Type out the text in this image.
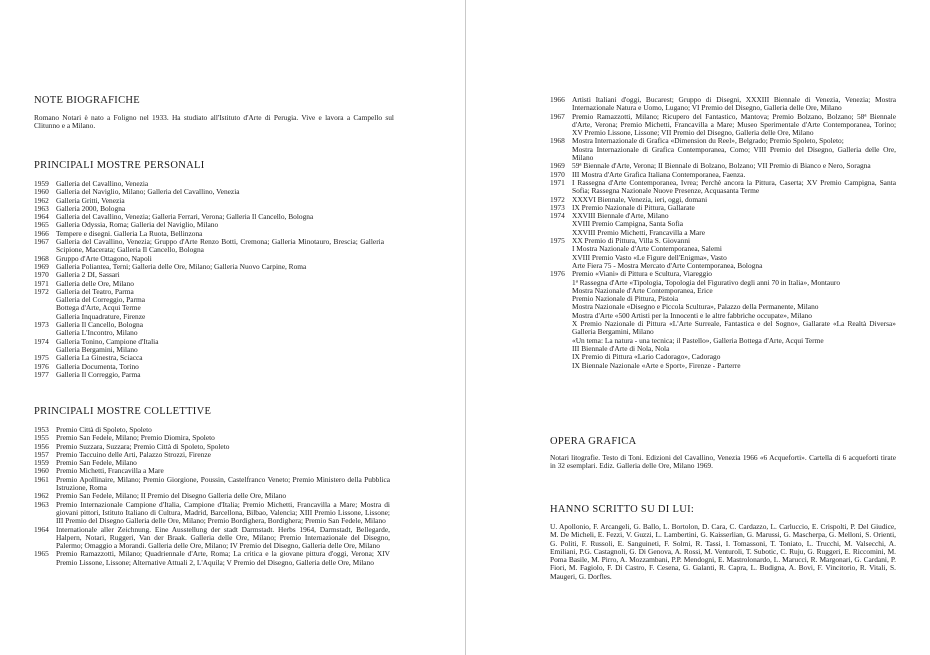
NOTE BIOGRAFICHE
Romano Notari è nato a Foligno nel 1933. Ha studiato all'Istituto d'Arte di Perugia. Vive e lavora a Campello sul Clitunno e a Milano.
PRINCIPALI MOSTRE PERSONALI
1959 Galleria del Cavallino, Venezia
1960 Galleria del Naviglio, Milano; Galleria del Cavallino, Venezia
1962 Galleria Gritti, Venezia
1963 Galleria 2000, Bologna
1964 Galleria del Cavallino, Venezia; Galleria Ferrari, Verona; Galleria Il Cancello, Bologna
1965 Galleria Odyssia, Roma; Galleria del Naviglio, Milano
1966 Tempere e disegni. Galleria La Ruota, Bellinzona
1967 Galleria del Cavallino, Venezia; Gruppo d'Arte Renzo Botti, Cremona; Galleria Minotauro, Brescia; Galleria Scipione, Macerata; Galleria Il Cancello, Bologna
1968 Gruppo d'Arte Ottagono, Napoli
1969 Galleria Poliantea, Terni; Galleria delle Ore, Milano; Galleria Nuovo Carpine, Roma
1970 Galleria 2 DI, Sassari
1971 Galleria delle Ore, Milano
1972 Galleria del Teatro, Parma
Galleria del Correggio, Parma
Bottega d'Arte, Acqui Terme
Galleria Inquadrature, Firenze
1973 Galleria Il Cancello, Bologna
Galleria L'Incontro, Milano
1974 Galleria Tonino, Campione d'Italia
Galleria Bergamini, Milano
1975 Galleria La Ginestra, Sciacca
1976 Galleria Documenta, Torino
1977 Galleria Il Correggio, Parma
PRINCIPALI MOSTRE COLLETTIVE
1953 Premio Città di Spoleto, Spoleto
1955 Premio San Fedele, Milano; Premio Diomira, Spoleto
1956 Premio Suzzara, Suzzara; Premio Città di Spoleto, Spoleto
1957 Premio Taccuino delle Arti, Palazzo Strozzi, Firenze
1959 Premio San Fedele, Milano
1960 Premio Michetti, Francavilla a Mare
1961 Premio Apollinaire, Milano; Premio Giorgione, Poussin, Castelfranco Veneto; Premio Ministero della Pubblica Istruzione, Roma
1962 Premio San Fedele, Milano; II Premio del Disegno Galleria delle Ore, Milano
1963 Premio Internazionale Campione d'Italia, Campione d'Italia; Premio Michetti, Francavilla a Mare; Mostra di giovani pittori, Istituto Italiano di Cultura, Madrid, Barcellona, Bilbao, Valencia; XIII Premio Lissone, Lissone; III Premio del Disegno Galleria delle Ore, Milano; Premio Bordighera, Bordighera; Premio San Fedele, Milano
1964 Internationale aller Zeichnung. Eine Ausstellung der stadt Darmstadt. Herbs 1964, Darmstadt, Bellegarde, Halpern, Notari, Ruggeri, Van der Braak. Galleria delle Ore, Milano; Premio Internazionale del Disegno, Palermo; Omaggio a Morandi. Galleria delle Ore, Milano; IV Premio del Disegno, Galleria delle Ore, Milano
1965 Premio Ramazzotti, Milano; Quadriennale d'Arte, Roma; La critica e la giovane pittura d'oggi, Verona; XIV Premio Lissone, Lissone; Alternative Attuali 2, L'Aquila; V Premio del Disegno, Galleria delle Ore, Milano
1966 Artisti Italiani d'oggi, Bucarest; Gruppo di Disegni, XXXIII Biennale di Venezia, Venezia; Mostra Internazionale Natura e Uomo, Lugano; VI Premio del Disegno, Galleria delle Ore, Milano
1967 Premio Ramazzotti, Milano; Ricupero del Fantastico, Mantova; Premio Bolzano, Bolzano; 58ª Biennale d'Arte, Verona; Premio Michetti, Francavilla a Mare; Museo Sperimentale d'Arte Contemporanea, Torino; XV Premio Lissone, Lissone; VII Premio del Disegno, Galleria delle Ore, Milano
1968 Mostra Internazionale di Grafica «Dimension du Reel», Belgrado; Premio Spoleto, Spoleto;
Mostra Internazionale di Grafica Contemporanea, Como; VIII Premio del Disegno, Galleria delle Ore, Milano
1969 59ª Biennale d'Arte, Verona; II Biennale di Bolzano, Bolzano; VII Premio di Bianco e Nero, Soragna
1970 III Mostra d'Arte Grafica Italiana Contemporanea, Faenza.
1971 I Rassegna d'Arte Contemporanea, Ivrea; Perchè ancora la Pittura, Caserta; XV Premio Campigna, Santa Sofia; Rassegna Nazionale Nuove Presenze, Acquasanta Terme
1972 XXXVI Biennale, Venezia, ieri, oggi, domani
1973 IX Premio Nazionale di Pittura, Gallarate
1974 XXVIII Biennale d'Arte, Milano
XVIII Premio Campigna, Santa Sofia
XXVIII Premio Michetti, Francavilla a Mare
1975 XX Premio di Pittura, Villa S. Giovanni
I Mostra Nazionale d'Arte Contemporanea, Salemi
XVIII Premio Vasto «Le Figure dell'Enigma», Vasto
Arte Fiera 75 - Mostra Mercato d'Arte Contemporanea, Bologna
1976 Premio «Viani» di Pittura e Scultura, Viareggio
1ª Rassegna d'Arte «Tipologia, Topologia del Figurativo degli anni 70 in Italia», Montauro
Mostra Nazionale d'Arte Contemporanea, Erice
Premio Nazionale di Pittura, Pistoia
Mostra Nazionale «Disegno e Piccola Scultura», Palazzo della Permanente, Milano
Mostra d'Arte «500 Artisti per la Innocenti e le altre fabbriche occupate», Milano
X Premio Nazionale di Pittura «L'Arte Surreale, Fantastica e del Sogno», Gallarate «La Realtà Diversa» Galleria Bergamini, Milano
«Un tema: La natura - una tecnica; il Pastello», Galleria Bottega d'Arte, Acqui Terme
III Biennale d'Arte di Nola, Nola
IX Premio di Pittura «Lario Cadorago», Cadorago
IX Biennale Nazionale «Arte e Sport», Firenze - Parterre
OPERA GRAFICA
Notari litografie. Testo di Toni. Edizioni del Cavallino, Venezia 1966 «6 Acqueforti». Cartella di 6 acqueforti tirate in 32 esemplari. Ediz. Galleria delle Ore, Milano 1969.
HANNO SCRITTO SU DI LUI:
U. Apollonio, F. Arcangeli, G. Ballo, L. Bortolon, D. Cara, C. Cardazzo, L. Carluccio, E. Crispolti, P. Del Giudice, M. De Micheli, E. Fezzi, V. Guzzi, L. Lambertini, G. Kaisserlian, G. Marussi, G. Mascherpa, G. Melloni, S. Orienti, G. Politi, F. Russoli, E. Sanguineti, F. Solmi, R. Tassi, I. Tomassoni, T. Toniato, L. Trucchi, M. Valsecchi, A. Emiliani, P.G. Castagnoli, G. Di Genova, A. Rossi, M. Venturoli, T. Subotic, C. Ruju, G. Ruggeri, E. Riccomini, M. Poma Basile, M. Pirro, A. Mozzambani, P.P. Mendogni, E. Mastrolonardo, L. Marucci, R. Margonari, G. Cardani, P. Fiori, M. Fagiolo, F. Di Castro, F. Cesena, G. Galanti, R. Capra, L. Budigna, A. Bovi, F. Vincitorio, R. Vitali, S. Maugeri, G. Dorfles.
